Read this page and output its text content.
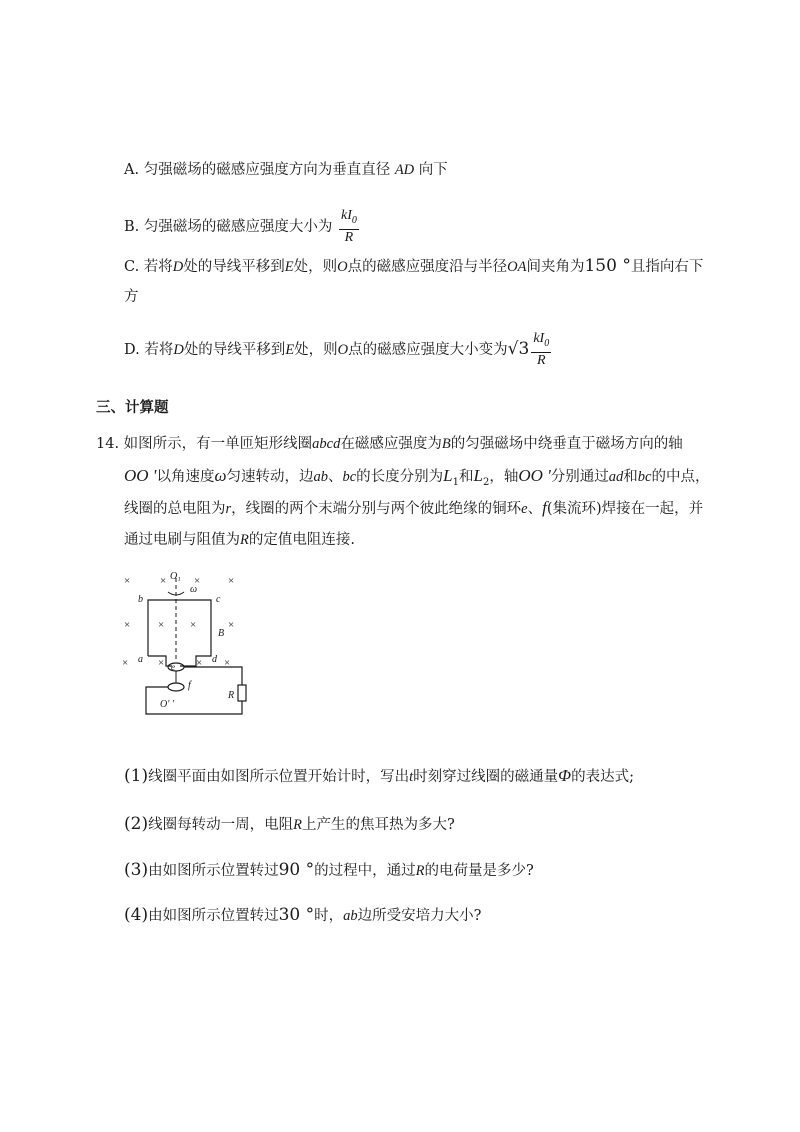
A. 匀强磁场的磁感应强度方向为垂直直径 AD 向下
B. 匀强磁场的磁感应强度大小为 $\frac{kI_0}{R}$
C. 若将D处的导线平移到E处，则O点的磁感应强度沿与半径OA间夹角为150 °且指向右下
方
D. 若将D处的导线平移到E处，则O点的磁感应强度大小变为$√3 \frac{kI_0}{R}$
三、计算题
14. 如图所示，有一单匝矩形线圈abcd在磁感应强度为B的匀强磁场中绕垂直于磁场方向的轴
OO '以角速度ω匀速转动，边ab、bc的长度分别为$L_1$和$L_2$，轴OO '分别通过ad和bc的中点，
线圈的总电阻为r，线圈的两个末端分别与两个彼此绝缘的铜环e、f(集流环)焊接在一起，并
通过电刷与阻值为R的定值电阻连接.
×	×	×	×
×	× ×	×
×	×	× ×
O₁
ω
b	c
B
a	d
e
f
R
O' '
(1)线圈平面由如图所示位置开始计时，写出t时刻穿过线圈的磁通量Φ的表达式;
(2)线圈每转动一周，电阻R上产生的焦耳热为多大?
(3)由如图所示位置转过90 °的过程中，通过R的电荷量是多少?
(4)由如图所示位置转过30 °时，ab边所受安培力大小?
